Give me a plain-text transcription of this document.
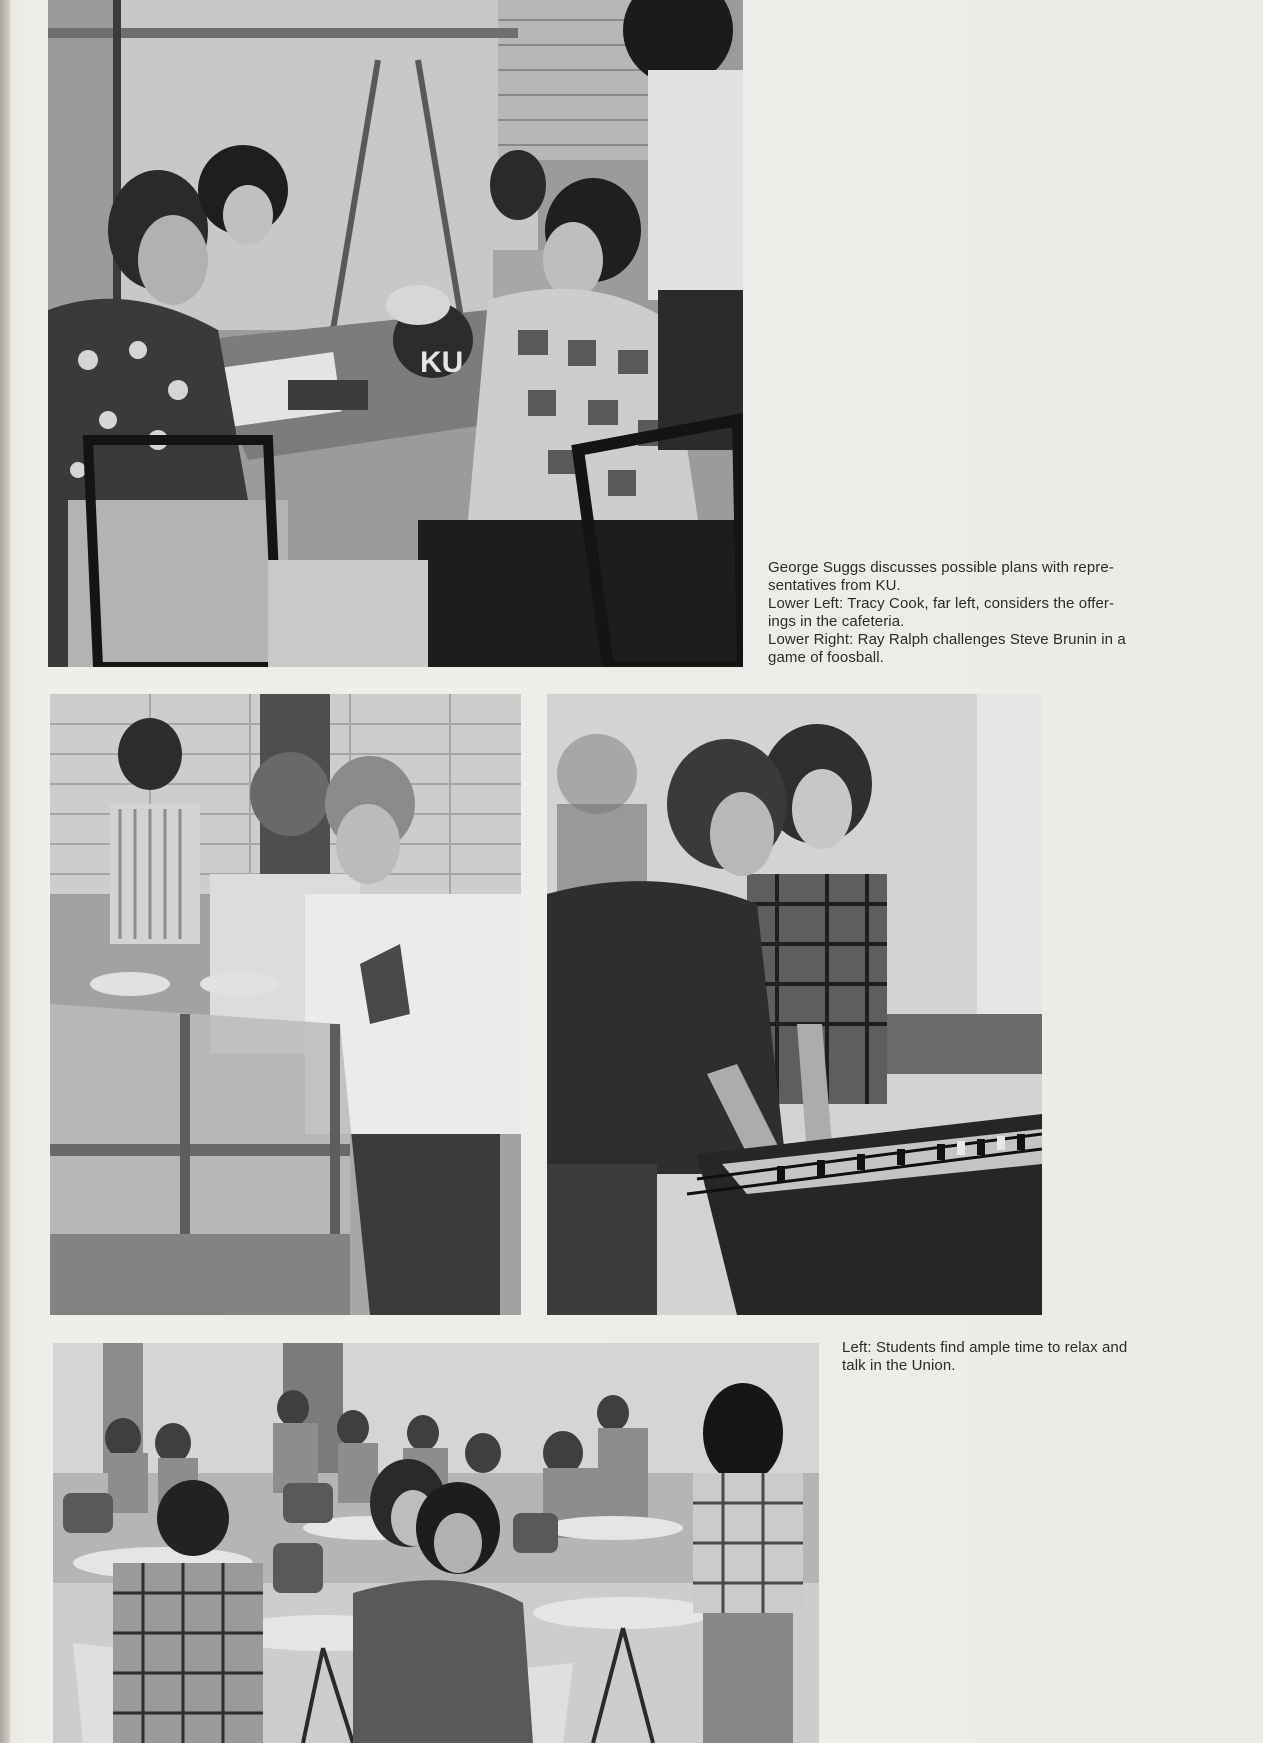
KU

George Suggs discusses possible plans with repre-

sentatives from KU.

Lower Left: Tracy Cook, far left, considers the offer-

ings in the cafeteria.

Lower Right: Ray Ralph challenges Steve Brunin in a

game of foosball.

Left: Students find ample time to relax and

talk in the Union.
